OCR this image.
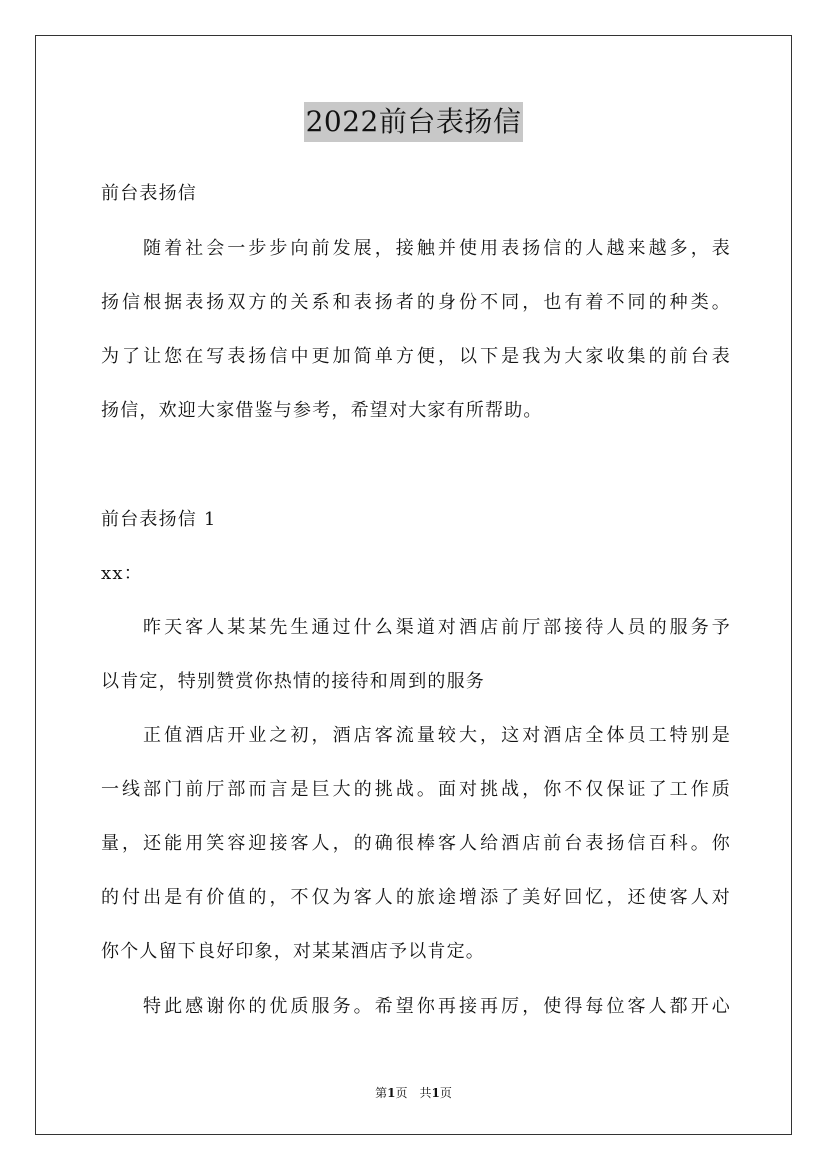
2022前台表扬信
前台表扬信
随着社会一步步向前发展，接触并使用表扬信的人越来越多，表
扬信根据表扬双方的关系和表扬者的身份不同，也有着不同的种类。
为了让您在写表扬信中更加简单方便，以下是我为大家收集的前台表
扬信，欢迎大家借鉴与参考，希望对大家有所帮助。
前台表扬信 1
xx：
昨天客人某某先生通过什么渠道对酒店前厅部接待人员的服务予
以肯定，特别赞赏你热情的接待和周到的服务
正值酒店开业之初，酒店客流量较大，这对酒店全体员工特别是
一线部门前厅部而言是巨大的挑战。面对挑战，你不仅保证了工作质
量，还能用笑容迎接客人，的确很棒客人给酒店前台表扬信百科。你
的付出是有价值的，不仅为客人的旅途增添了美好回忆，还使客人对
你个人留下良好印象，对某某酒店予以肯定。
特此感谢你的优质服务。希望你再接再厉，使得每位客人都开心
第1页　共1页
